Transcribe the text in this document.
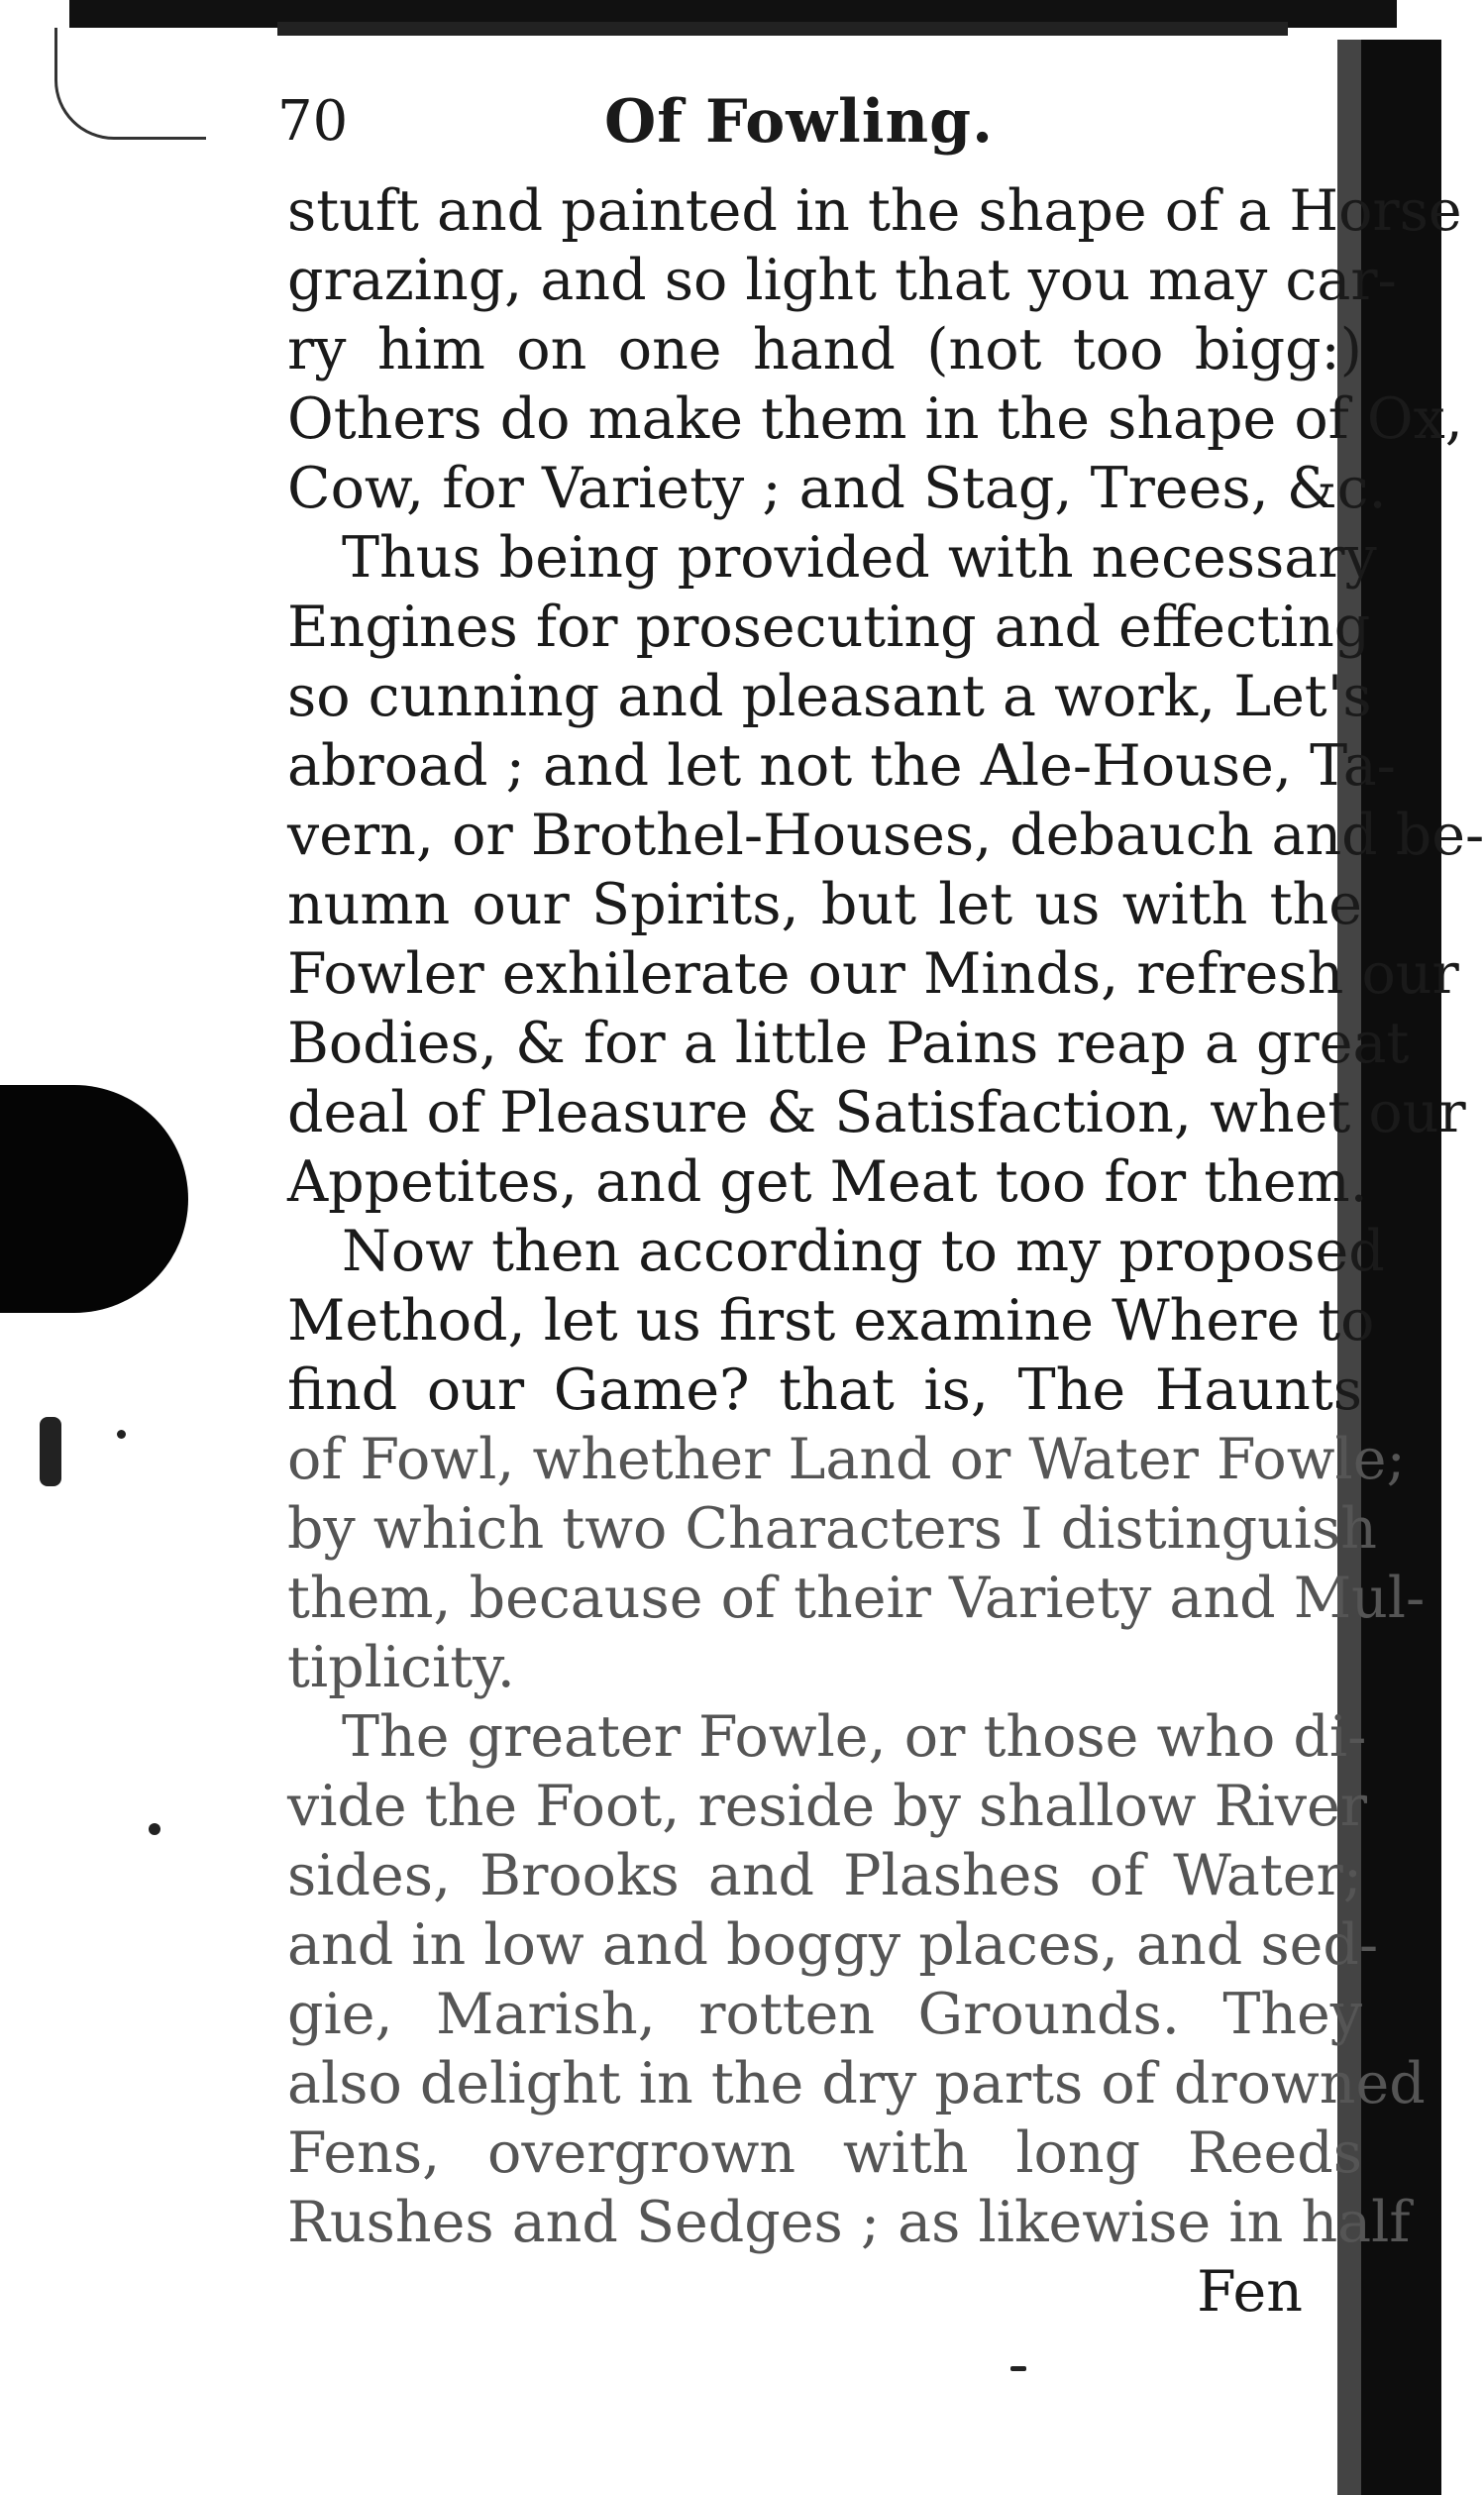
70	Of Fowling.
stuft and painted in the shape of a Horse
grazing, and so light that you may car-
ry him on one hand (not too bigg:)
Others do make them in the shape of Ox,
Cow, for Variety ; and Stag, Trees, &c.
Thus being provided with necessary
Engines for prosecuting and effecting
so cunning and pleasant a work, Let's
abroad ; and let not the Ale-House, Ta-
vern, or Brothel-Houses, debauch and be-
numn our Spirits, but let us with the
Fowler exhilerate our Minds, refresh our
Bodies, & for a little Pains reap a great
deal of Pleasure & Satisfaction, whet our
Appetites, and get Meat too for them.
Now then according to my proposed
Method, let us first examine Where to
find our Game? that is, The Haunts
of Fowl, whether Land or Water Fowle;
by which two Characters I distinguish
them, because of their Variety and Mul-
tiplicity.
The greater Fowle, or those who di-
vide the Foot, reside by shallow River
sides, Brooks and Plashes of Water;
and in low and boggy places, and sed-
gie, Marish, rotten Grounds. They
also delight in the dry parts of drowned
Fens, overgrown with long Reeds
Rushes and Sedges ; as likewise in half
Fen
